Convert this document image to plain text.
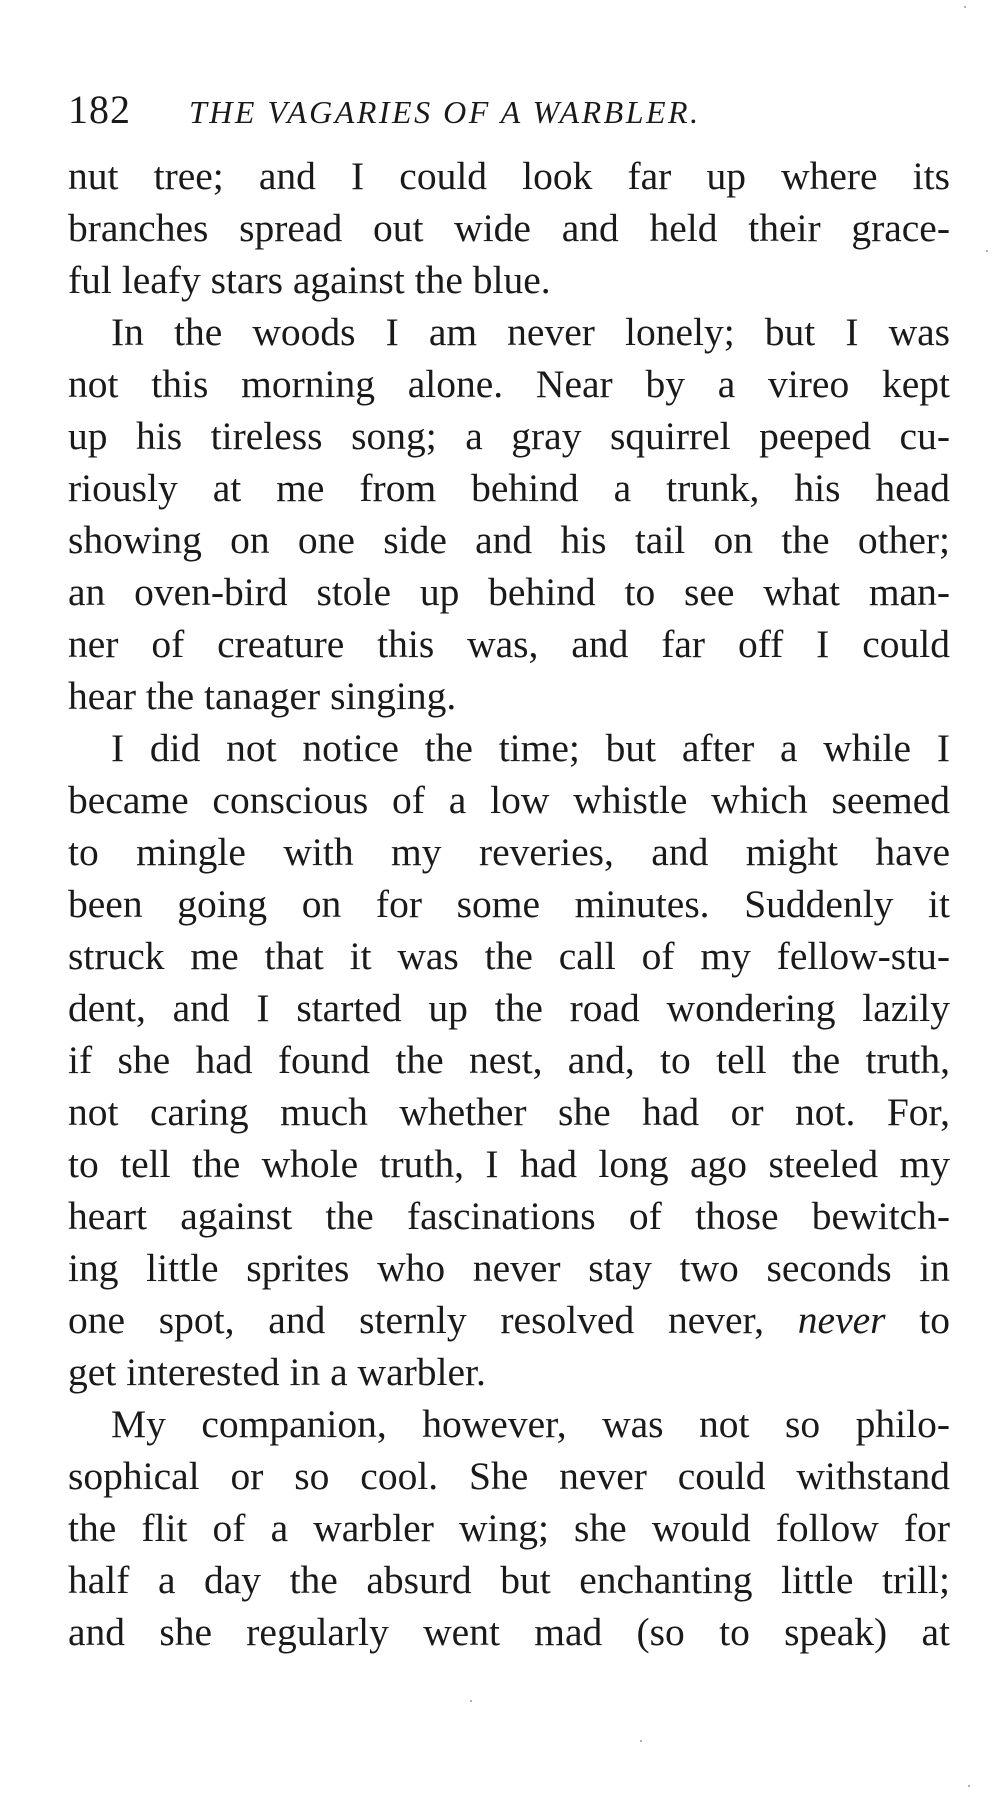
182 THE VAGARIES OF A WARBLER.
nut tree; and I could look far up where its
branches spread out wide and held their grace-
ful leafy stars against the blue.
In the woods I am never lonely; but I was
not this morning alone. Near by a vireo kept
up his tireless song; a gray squirrel peeped cu-
riously at me from behind a trunk, his head
showing on one side and his tail on the other;
an oven-bird stole up behind to see what man-
ner of creature this was, and far off I could
hear the tanager singing.
I did not notice the time; but after a while I
became conscious of a low whistle which seemed
to mingle with my reveries, and might have
been going on for some minutes. Suddenly it
struck me that it was the call of my fellow-stu-
dent, and I started up the road wondering lazily
if she had found the nest, and, to tell the truth,
not caring much whether she had or not. For,
to tell the whole truth, I had long ago steeled my
heart against the fascinations of those bewitch-
ing little sprites who never stay two seconds in
one spot, and sternly resolved never, never to
get interested in a warbler.
My companion, however, was not so philo-
sophical or so cool. She never could withstand
the flit of a warbler wing; she would follow for
half a day the absurd but enchanting little trill;
and she regularly went mad (so to speak) at
